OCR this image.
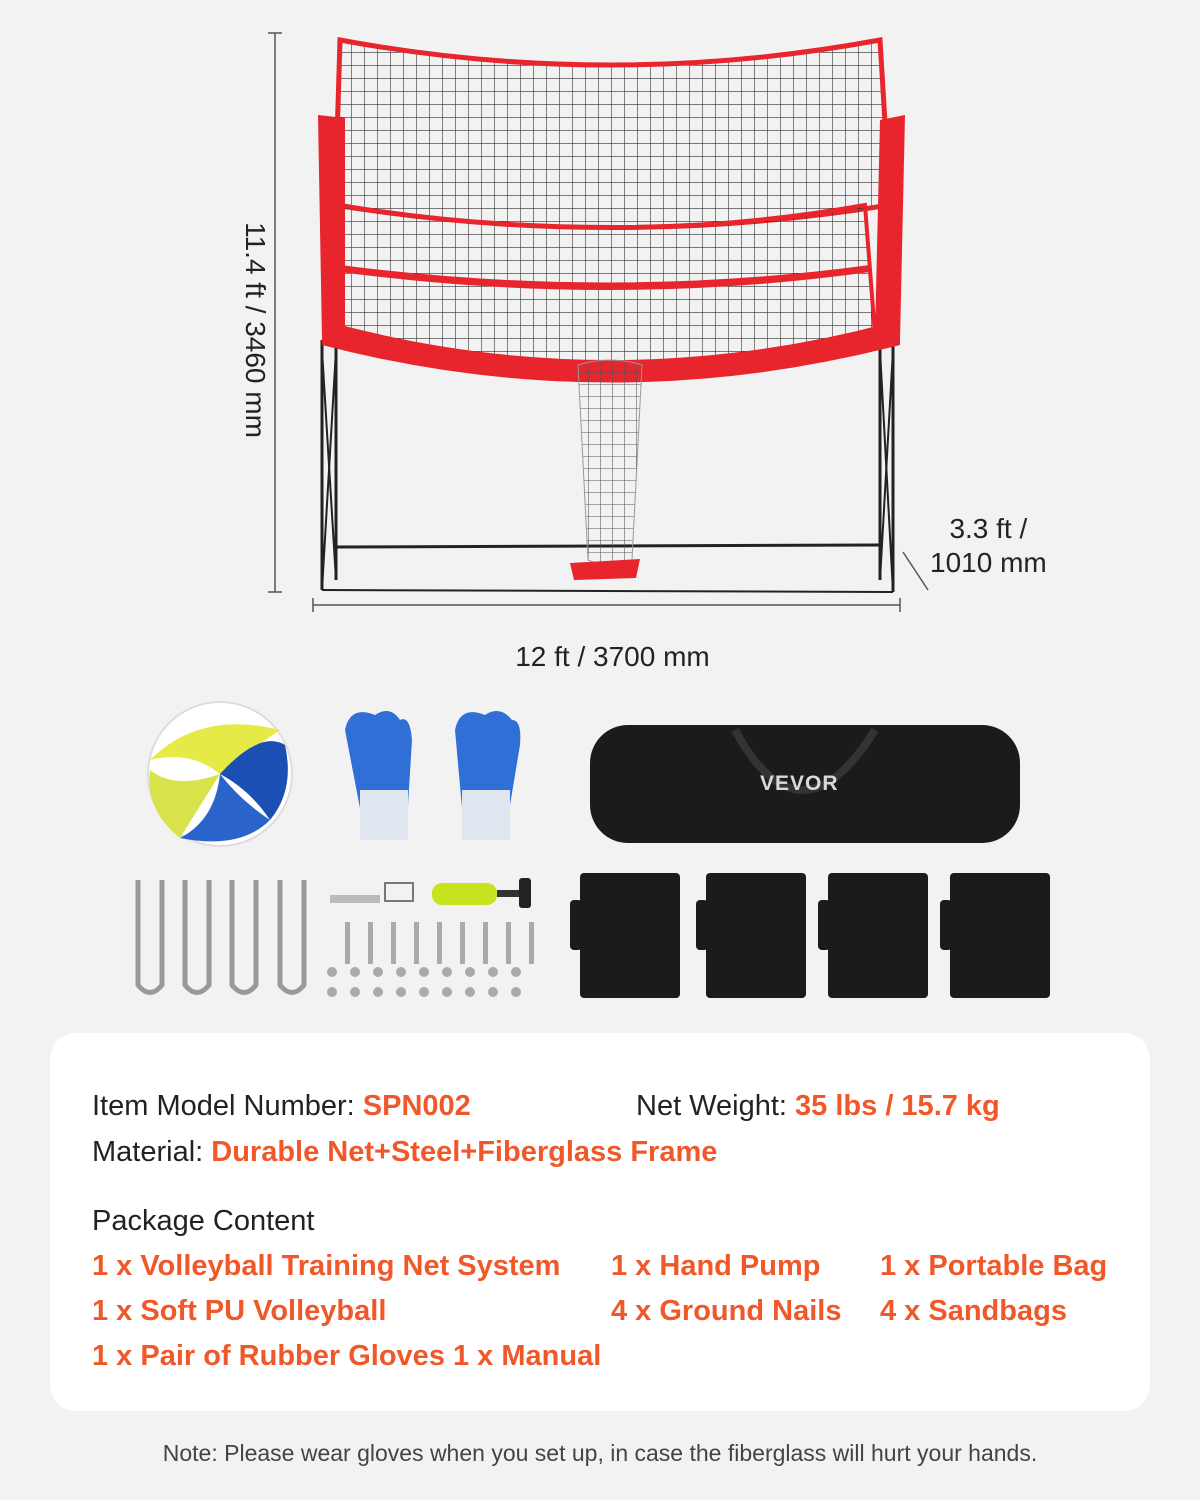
11.4 ft / 3460 mm
3.3 ft /
1010 mm
12 ft / 3700 mm
VEVOR
Item Model Number: SPN002	Net Weight: 35 lbs / 15.7 kg
Material: Durable Net+Steel+Fiberglass Frame
Package Content
1 x Volleyball Training Net System 1 x Hand Pump 1 x Portable Bag
1 x Soft PU Volleyball	4 x Ground Nails 4 x Sandbags
1 x Pair of Rubber Gloves 1 x Manual
Note: Please wear gloves when you set up, in case the fiberglass will hurt your hands.
